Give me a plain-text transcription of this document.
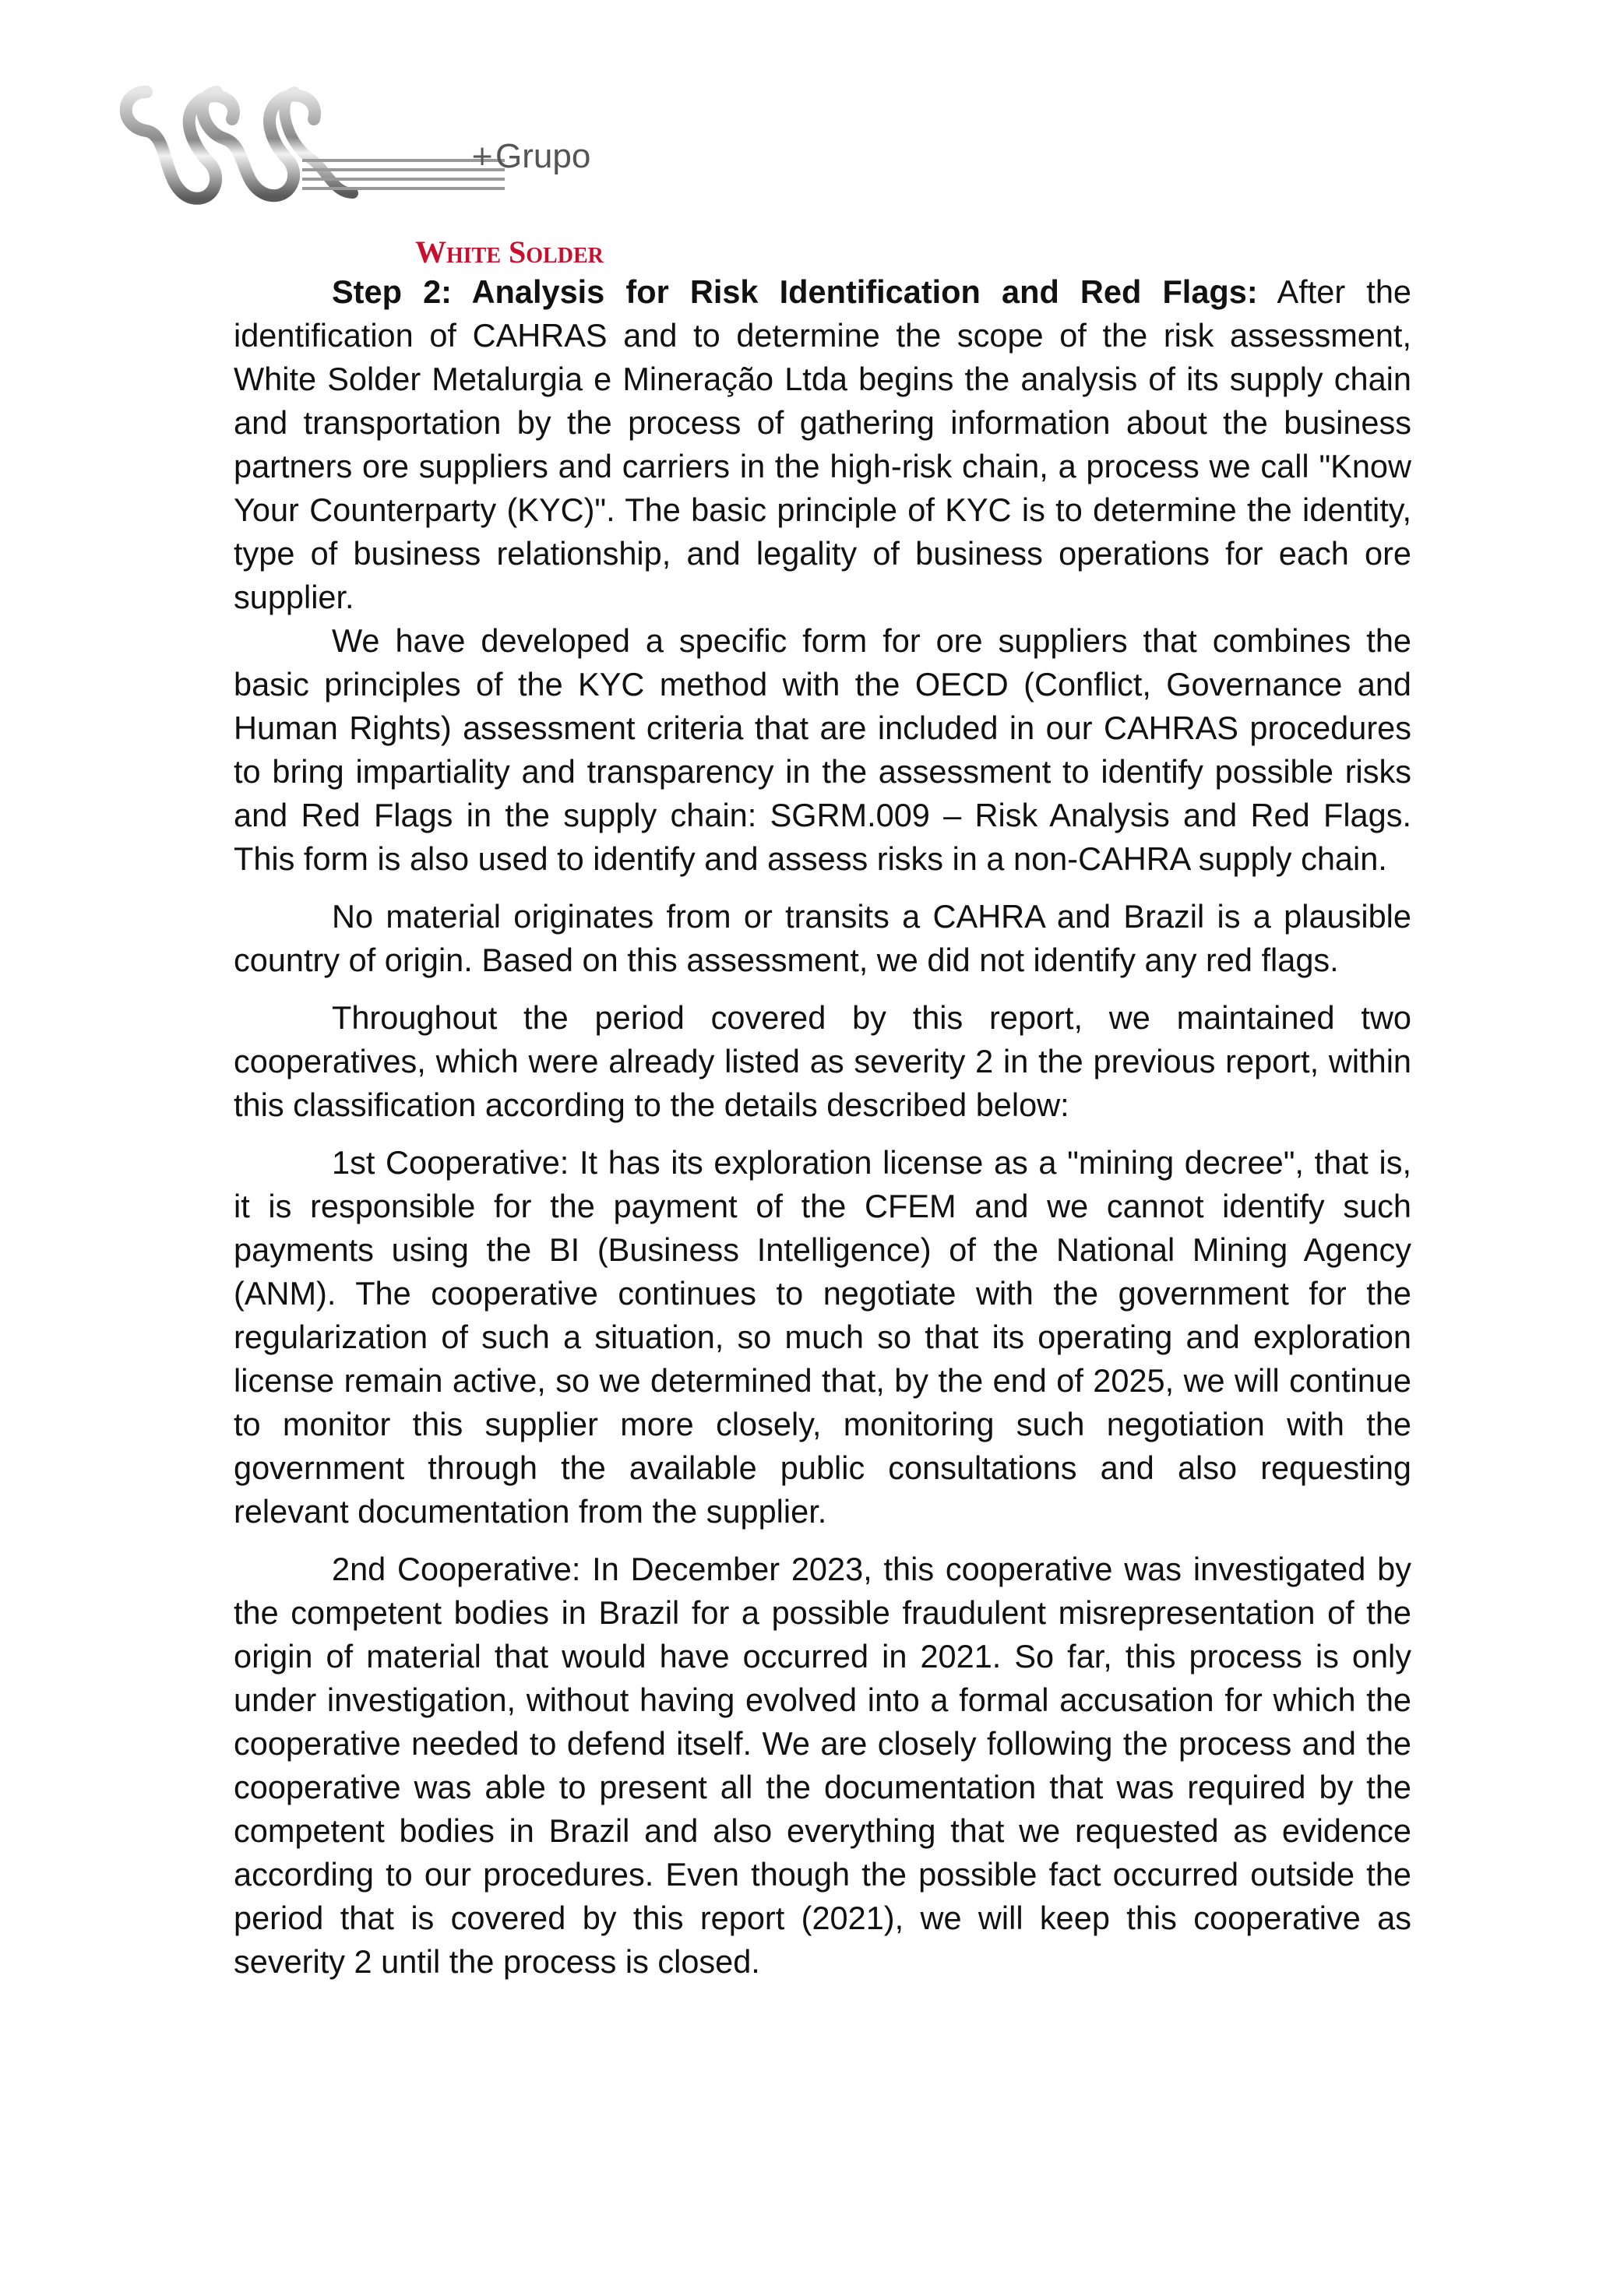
+ Grupo
White Solder

Step 2: Analysis for Risk Identification and Red Flags: After the identification of CAHRAS and to determine the scope of the risk assessment, White Solder Metalurgia e Mineração Ltda begins the analysis of its supply chain and transportation by the process of gathering information about the business partners ore suppliers and carriers in the high-risk chain, a process we call "Know Your Counterparty (KYC)". The basic principle of KYC is to determine the identity, type of business relationship, and legality of business operations for each ore supplier.

We have developed a specific form for ore suppliers that combines the basic principles of the KYC method with the OECD (Conflict, Governance and Human Rights) assessment criteria that are included in our CAHRAS procedures to bring impartiality and transparency in the assessment to identify possible risks and Red Flags in the supply chain: SGRM.009 – Risk Analysis and Red Flags. This form is also used to identify and assess risks in a non-CAHRA supply chain.

No material originates from or transits a CAHRA and Brazil is a plausible country of origin. Based on this assessment, we did not identify any red flags.

Throughout the period covered by this report, we maintained two cooperatives, which were already listed as severity 2 in the previous report, within this classification according to the details described below:

1st Cooperative: It has its exploration license as a "mining decree", that is, it is responsible for the payment of the CFEM and we cannot identify such payments using the BI (Business Intelligence) of the National Mining Agency (ANM). The cooperative continues to negotiate with the government for the regularization of such a situation, so much so that its operating and exploration license remain active, so we determined that, by the end of 2025, we will continue to monitor this supplier more closely, monitoring such negotiation with the government through the available public consultations and also requesting relevant documentation from the supplier.

2nd Cooperative: In December 2023, this cooperative was investigated by the competent bodies in Brazil for a possible fraudulent misrepresentation of the origin of material that would have occurred in 2021. So far, this process is only under investigation, without having evolved into a formal accusation for which the cooperative needed to defend itself. We are closely following the process and the cooperative was able to present all the documentation that was required by the competent bodies in Brazil and also everything that we requested as evidence according to our procedures. Even though the possible fact occurred outside the period that is covered by this report (2021), we will keep this cooperative as severity 2 until the process is closed.
